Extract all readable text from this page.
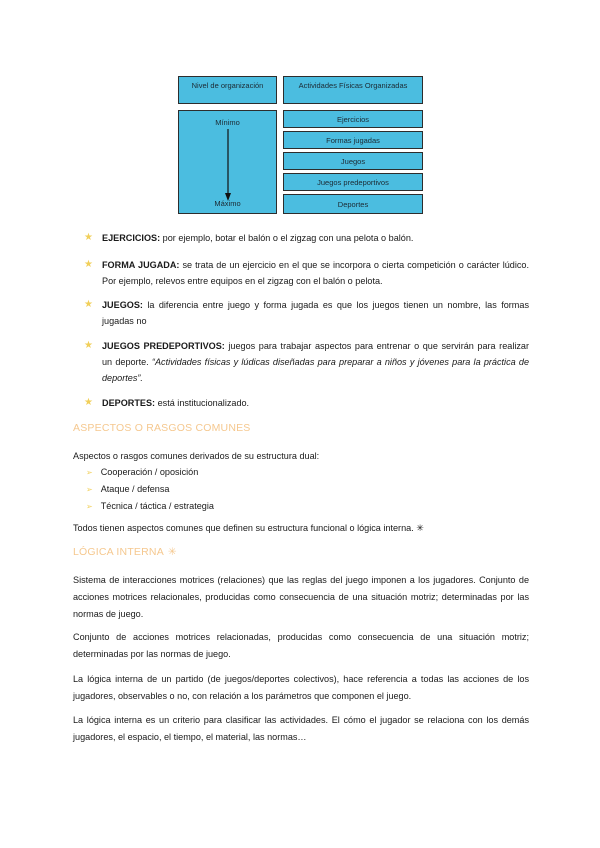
Nivel de organización	Actividades Físicas Organizadas
Mínimo
Máximo
Ejercicios
Formas jugadas
Juegos
Juegos predeportivos
Deportes
★ EJERCICIOS: por ejemplo, botar el balón o el zigzag con una pelota o balón.
★ FORMA JUGADA: se trata de un ejercicio en el que se incorpora o cierta competición o carácter lúdico. Por ejemplo, relevos entre equipos en el zigzag con el balón o pelota.
★ JUEGOS: la diferencia entre juego y forma jugada es que los juegos tienen un nombre, las formas jugadas no
★ JUEGOS PREDEPORTIVOS: juegos para trabajar aspectos para entrenar o que servirán para realizar un deporte. “Actividades físicas y lúdicas diseñadas para preparar a niños y jóvenes para la práctica de deportes”.
★ DEPORTES: está institucionalizado.
ASPECTOS O RASGOS COMUNES
Aspectos o rasgos comunes derivados de su estructura dual:
➢ Cooperación / oposición
➢ Ataque / defensa
➢ Técnica / táctica / estrategia
Todos tienen aspectos comunes que definen su estructura funcional o lógica interna. ✳
LÓGICA INTERNA ✳
Sistema de interacciones motrices (relaciones) que las reglas del juego imponen a los jugadores. Conjunto de acciones motrices relacionales, producidas como consecuencia de una situación motriz; determinadas por las normas de juego.
Conjunto de acciones motrices relacionadas, producidas como consecuencia de una situación motriz; determinadas por las normas de juego.
La lógica interna de un partido (de juegos/deportes colectivos), hace referencia a todas las acciones de los jugadores, observables o no, con relación a los parámetros que componen el juego.
La lógica interna es un criterio para clasificar las actividades. El cómo el jugador se relaciona con los demás jugadores, el espacio, el tiempo, el material, las normas…
